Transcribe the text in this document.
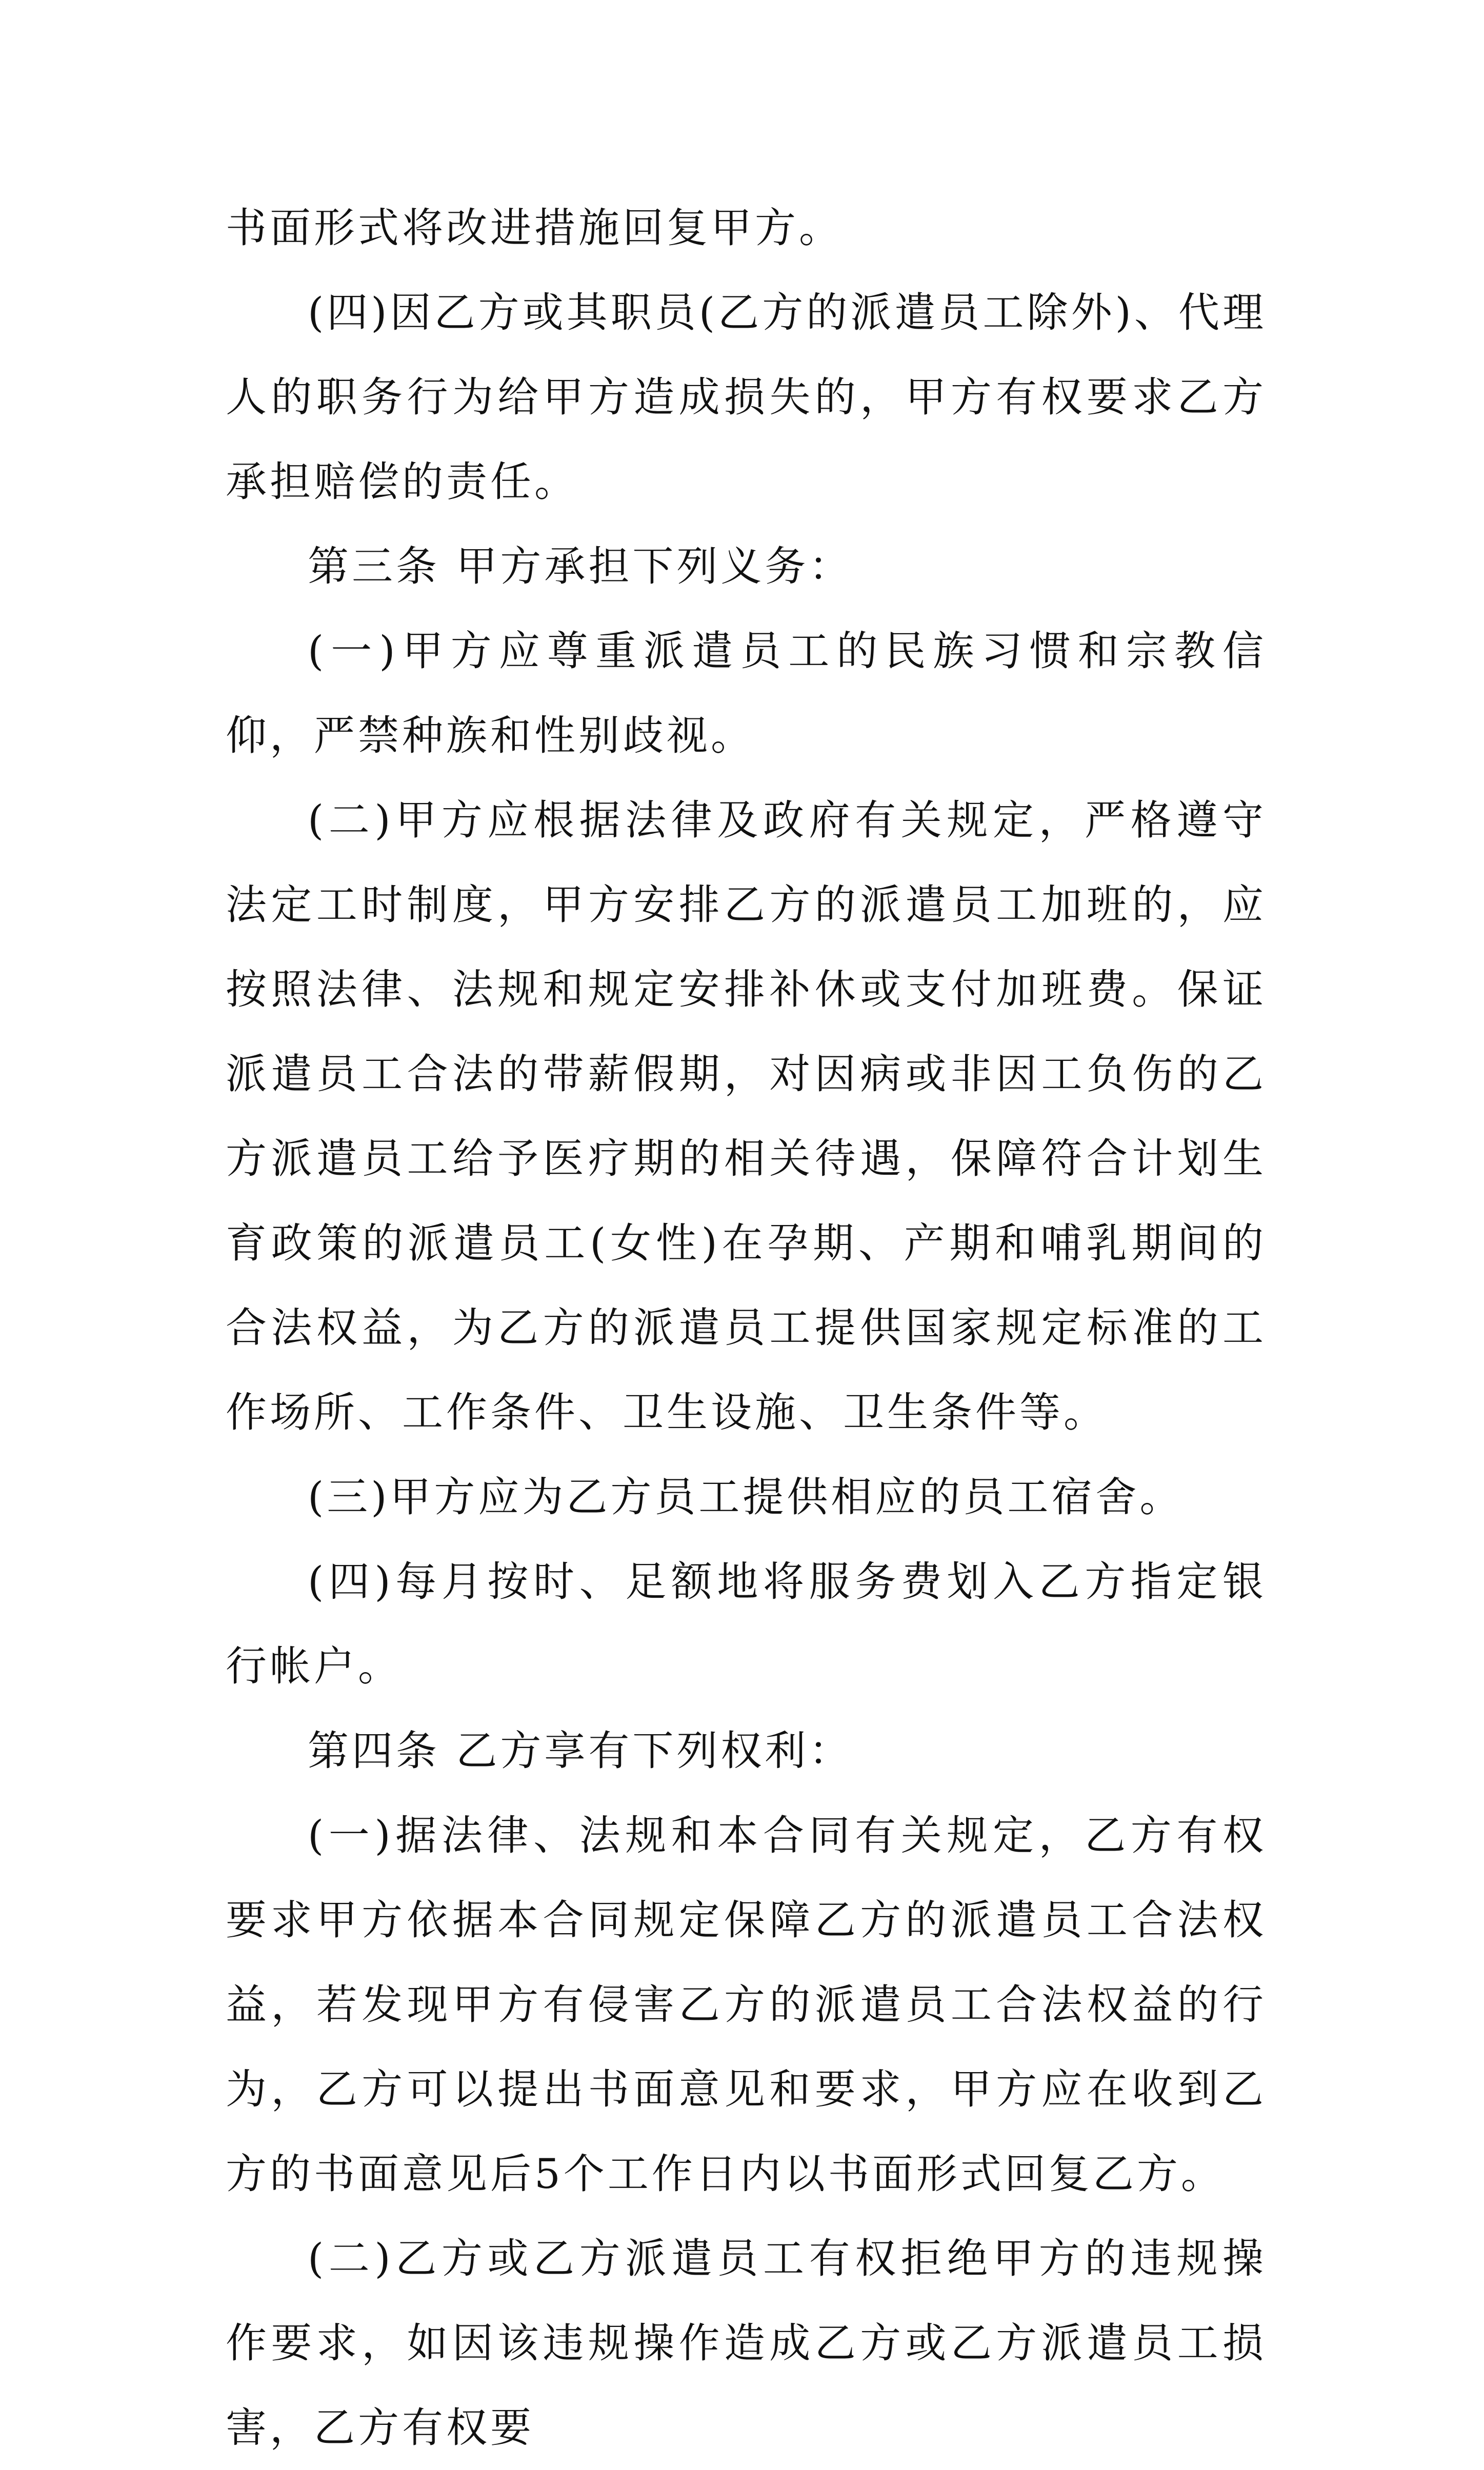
书面形式将改进措施回复甲方。

(四)因乙方或其职员(乙方的派遣员工除外)、代理人的职务行为给甲方造成损失的，甲方有权要求乙方承担赔偿的责任。

第三条 甲方承担下列义务：

(一)甲方应尊重派遣员工的民族习惯和宗教信仰，严禁种族和性别歧视。

(二)甲方应根据法律及政府有关规定，严格遵守法定工时制度，甲方安排乙方的派遣员工加班的，应按照法律、法规和规定安排补休或支付加班费。保证派遣员工合法的带薪假期，对因病或非因工负伤的乙方派遣员工给予医疗期的相关待遇，保障符合计划生育政策的派遣员工(女性)在孕期、产期和哺乳期间的合法权益，为乙方的派遣员工提供国家规定标准的工作场所、工作条件、卫生设施、卫生条件等。

(三)甲方应为乙方员工提供相应的员工宿舍。

(四)每月按时、足额地将服务费划入乙方指定银行帐户。

第四条 乙方享有下列权利：

(一)据法律、法规和本合同有关规定，乙方有权要求甲方依据本合同规定保障乙方的派遣员工合法权益，若发现甲方有侵害乙方的派遣员工合法权益的行为，乙方可以提出书面意见和要求，甲方应在收到乙方的书面意见后5个工作日内以书面形式回复乙方。

(二)乙方或乙方派遣员工有权拒绝甲方的违规操作要求，如因该违规操作造成乙方或乙方派遣员工损害，乙方有权要
